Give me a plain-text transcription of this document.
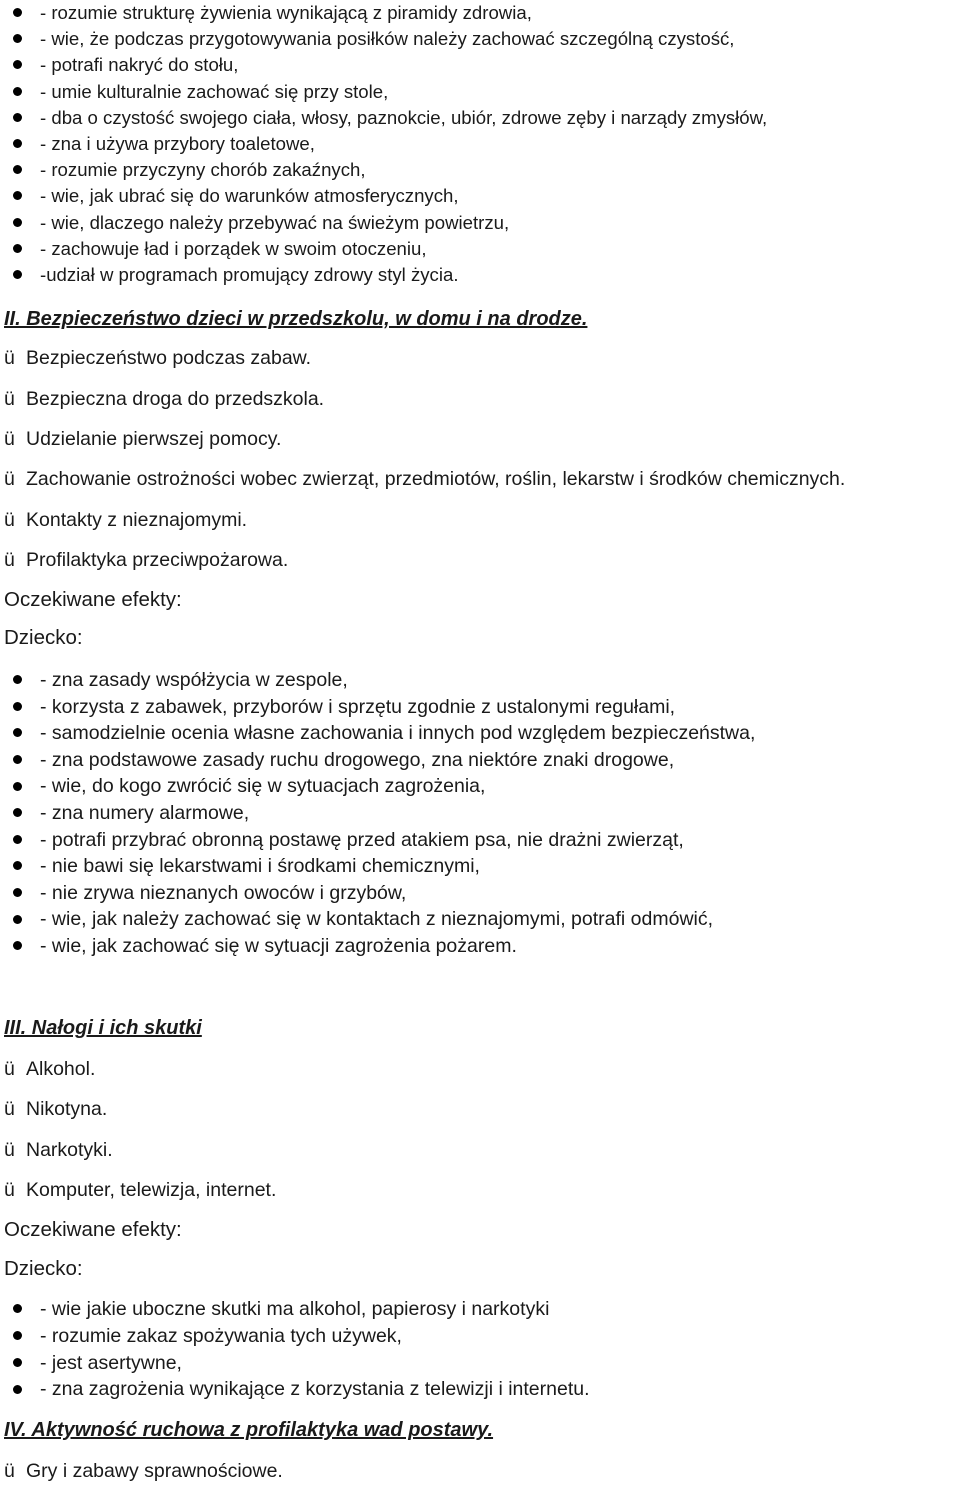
- rozumie strukturę żywienia wynikającą z piramidy zdrowia,
- wie, że podczas przygotowywania posiłków należy zachować szczególną czystość,
- potrafi nakryć do stołu,
- umie kulturalnie zachować się przy stole,
- dba o czystość swojego ciała, włosy, paznokcie, ubiór, zdrowe zęby i narządy zmysłów,
- zna i używa przybory toaletowe,
- rozumie przyczyny chorób zakaźnych,
- wie, jak ubrać się do warunków atmosferycznych,
- wie, dlaczego należy przebywać na świeżym powietrzu,
- zachowuje ład i porządek w swoim otoczeniu,
-udział w programach promujący zdrowy styl życia.
II. Bezpieczeństwo dzieci w przedszkolu, w domu i na drodze.
ü Bezpieczeństwo podczas zabaw.
ü Bezpieczna droga do przedszkola.
ü Udzielanie pierwszej pomocy.
ü Zachowanie ostrożności wobec zwierząt, przedmiotów, roślin, lekarstw i środków chemicznych.
ü Kontakty z nieznajomymi.
ü Profilaktyka przeciwpożarowa.
Oczekiwane efekty:
Dziecko:
- zna zasady współżycia w zespole,
- korzysta z zabawek, przyborów i sprzętu zgodnie z ustalonymi regułami,
- samodzielnie ocenia własne zachowania i innych pod względem bezpieczeństwa,
- zna podstawowe zasady ruchu drogowego, zna niektóre znaki drogowe,
- wie, do kogo zwrócić się w sytuacjach zagrożenia,
- zna numery alarmowe,
- potrafi przybrać obronną postawę przed atakiem psa, nie drażni zwierząt,
- nie bawi się lekarstwami i środkami chemicznymi,
- nie zrywa nieznanych owoców i grzybów,
- wie, jak należy zachować się w kontaktach z nieznajomymi, potrafi odmówić,
- wie, jak zachować się w sytuacji zagrożenia pożarem.
III. Nałogi i ich skutki
ü Alkohol.
ü Nikotyna.
ü Narkotyki.
ü Komputer, telewizja, internet.
Oczekiwane efekty:
Dziecko:
- wie jakie uboczne skutki ma alkohol, papierosy i narkotyki
- rozumie zakaz spożywania tych używek,
- jest asertywne,
- zna zagrożenia wynikające z korzystania z telewizji i internetu.
IV. Aktywność ruchowa z profilaktyka wad postawy.
ü Gry i zabawy sprawnościowe.
